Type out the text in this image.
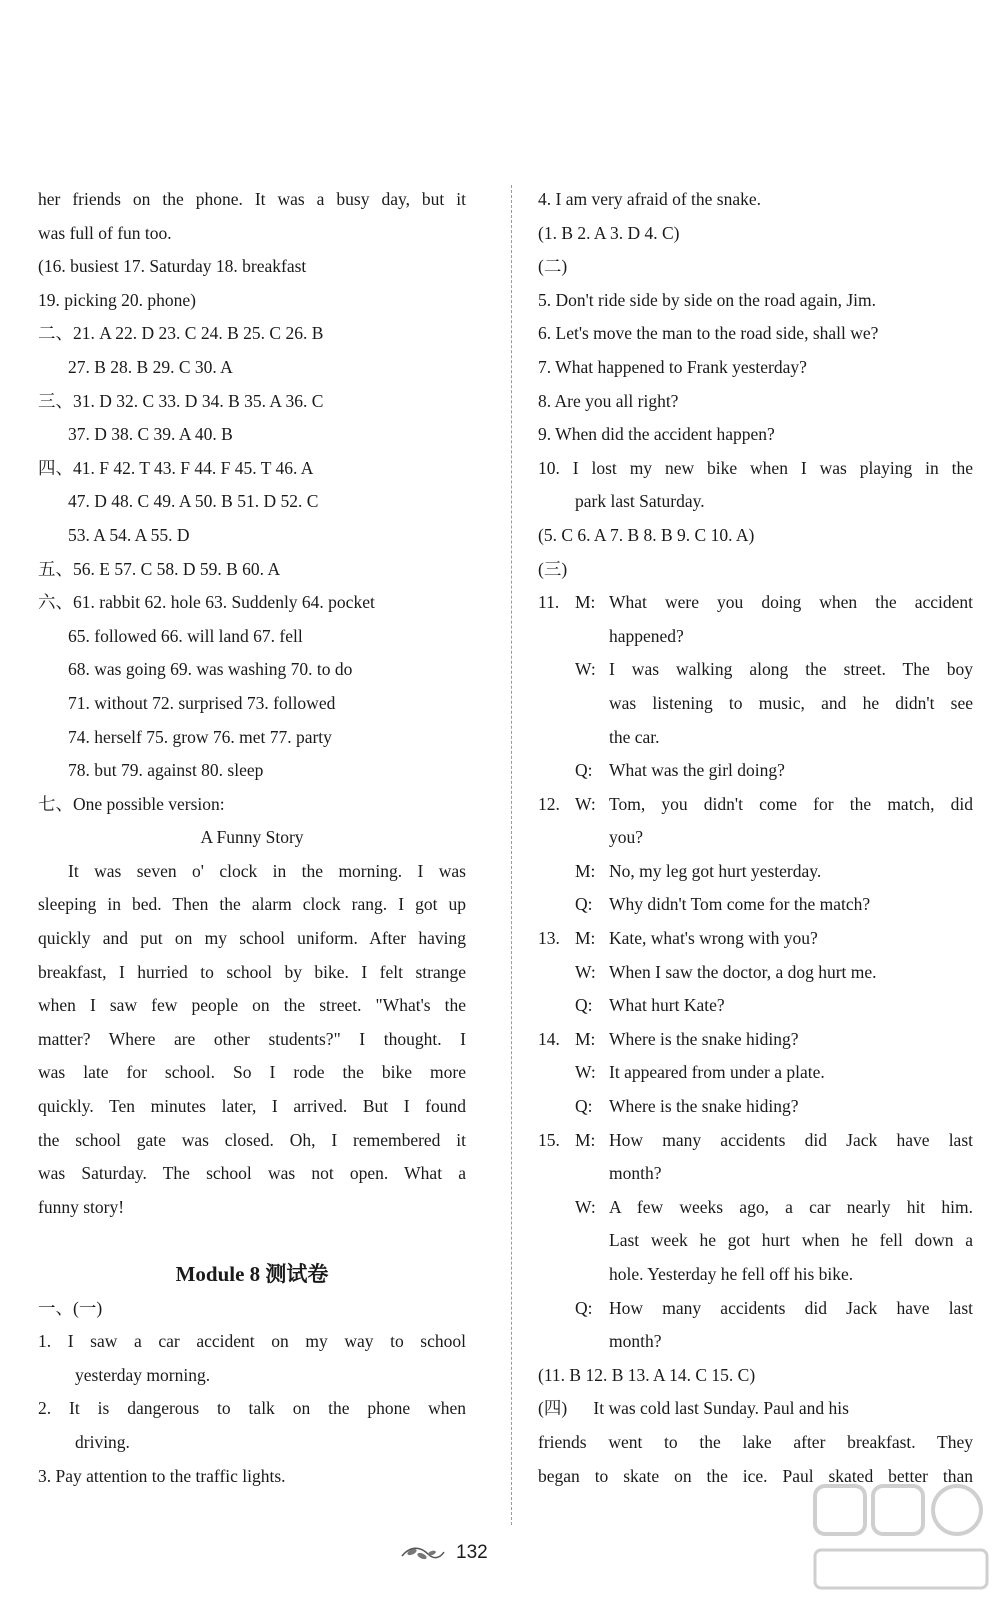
her friends on the phone. It was a busy day, but it
was full of fun too.
(16. busiest 17. Saturday 18. breakfast
19. picking 20. phone)
二、21. A 22. D 23. C 24. B 25. C 26. B
27. B 28. B 29. C 30. A
三、31. D 32. C 33. D 34. B 35. A 36. C
37. D 38. C 39. A 40. B
四、41. F 42. T 43. F 44. F 45. T 46. A
47. D 48. C 49. A 50. B 51. D 52. C
53. A 54. A 55. D
五、56. E 57. C 58. D 59. B 60. A
六、61. rabbit 62. hole 63. Suddenly 64. pocket
65. followed 66. will land 67. fell
68. was going 69. was washing 70. to do
71. without 72. surprised 73. followed
74. herself 75. grow 76. met 77. party
78. but 79. against 80. sleep
七、One possible version:
A Funny Story
It was seven o' clock in the morning. I was
sleeping in bed. Then the alarm clock rang. I got up
quickly and put on my school uniform. After having
breakfast, I hurried to school by bike. I felt strange
when I saw few people on the street. "What's the
matter? Where are other students?" I thought. I
was late for school. So I rode the bike more
quickly. Ten minutes later, I arrived. But I found
the school gate was closed. Oh, I remembered it
was Saturday. The school was not open. What a
funny story!
Module 8 测试卷
一、(一)
1. I saw a car accident on my way to school
yesterday morning.
2. It is dangerous to talk on the phone when
driving.
3. Pay attention to the traffic lights.
4. I am very afraid of the snake.
(1. B 2. A 3. D 4. C)
(二)
5. Don't ride side by side on the road again, Jim.
6. Let's move the man to the road side, shall we?
7. What happened to Frank yesterday?
8. Are you all right?
9. When did the accident happen?
10. I lost my new bike when I was playing in the
park last Saturday.
(5. C 6. A 7. B 8. B 9. C 10. A)
(三)
11. M: What were you doing when the accident
happened?
W: I was walking along the street. The boy
was listening to music, and he didn't see
the car.
Q: What was the girl doing?
12. W: Tom, you didn't come for the match, did
you?
M: No, my leg got hurt yesterday.
Q: Why didn't Tom come for the match?
13. M: Kate, what's wrong with you?
W: When I saw the doctor, a dog hurt me.
Q: What hurt Kate?
14. M: Where is the snake hiding?
W: It appeared from under a plate.
Q: Where is the snake hiding?
15. M: How many accidents did Jack have last
month?
W: A few weeks ago, a car nearly hit him.
Last week he got hurt when he fell down a
hole. Yesterday he fell off his bike.
Q: How many accidents did Jack have last
month?
(11. B 12. B 13. A 14. C 15. C)
(四)      It was cold last Sunday. Paul and his
friends went to the lake after breakfast. They
began to skate on the ice. Paul skated better than
132
